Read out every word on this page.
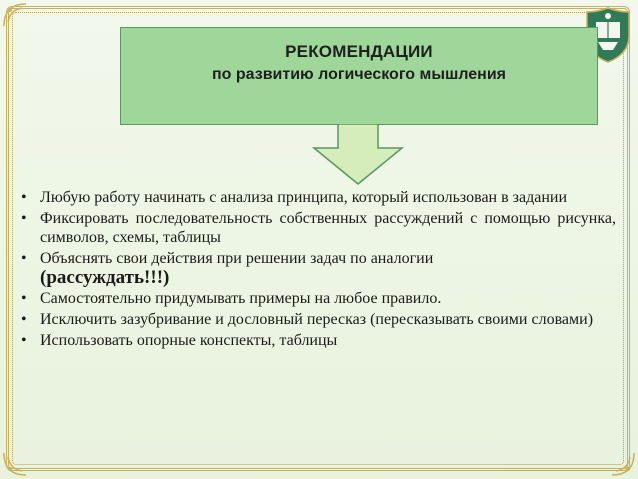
РЕКОМЕНДАЦИИ
по развитию логического мышления
• Любую работу начинать с анализа принципа, который использован в задании
• Фиксировать последовательность собственных рассуждений с помощью рисунка, символов, схемы, таблицы
• Объяснять свои действия при решении задач по аналогии
(рассуждать!!!)
• Самостоятельно придумывать примеры на любое правило.
• Исключить зазубривание и дословный пересказ (пересказывать своими словами)
• Использовать опорные конспекты, таблицы
